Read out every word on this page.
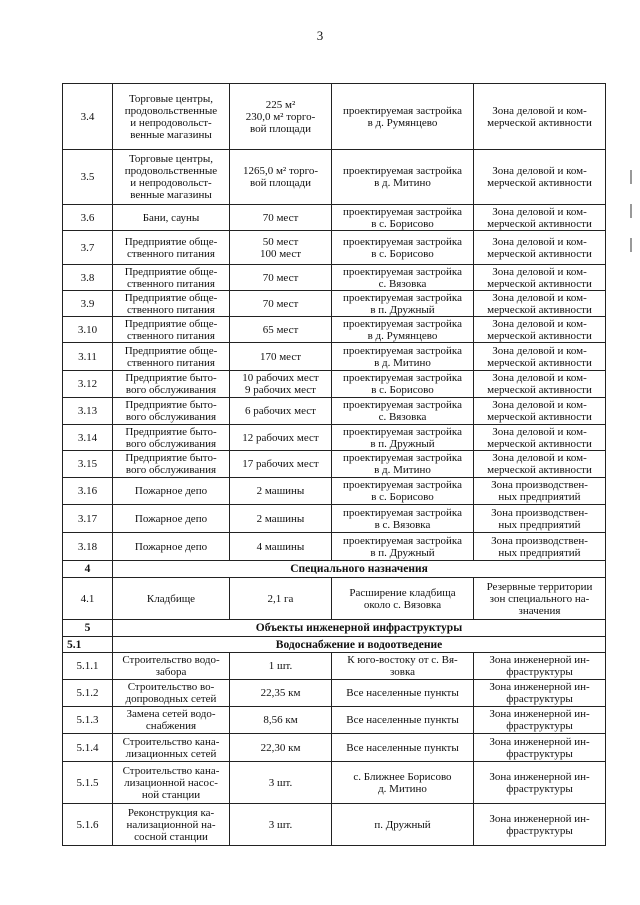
3
3.4	Торговые центры,
продовольственные
и непродовольст-
венные магазины	225 м²
230,0 м² торго-
вой площади	проектируемая застройка
в д. Румянцево	Зона деловой и ком-
мерческой активности

3.5	Торговые центры,
продовольственные
и непродовольст-
венные магазины	1265,0 м² торго-
вой площади	проектируемая застройка
в д. Митино	Зона деловой и ком-
мерческой активности

3.6	Бани, сауны	70 мест	проектируемая застройка
в с. Борисово	Зона деловой и ком-
мерческой активности

3.7	Предприятие обще-
ственного питания	50 мест
100 мест	проектируемая застройка
в с. Борисово	Зона деловой и ком-
мерческой активности

3.8	Предприятие обще-
ственного питания	70 мест	проектируемая застройка
с. Вязовка	Зона деловой и ком-
мерческой активности

3.9	Предприятие обще-
ственного питания	70 мест	проектируемая застройка
в п. Дружный	Зона деловой и ком-
мерческой активности

3.10	Предприятие обще-
ственного питания	65 мест	проектируемая застройка
в д. Румянцево	Зона деловой и ком-
мерческой активности

3.11	Предприятие обще-
ственного питания	170 мест	проектируемая застройка
в д. Митино	Зона деловой и ком-
мерческой активности

3.12	Предприятие быто-
вого обслуживания	10 рабочих мест
9 рабочих мест	проектируемая застройка
в с. Борисово	Зона деловой и ком-
мерческой активности

3.13	Предприятие быто-
вого обслуживания	6 рабочих мест	проектируемая застройка
с. Вязовка	Зона деловой и ком-
мерческой активности

3.14	Предприятие быто-
вого обслуживания	12 рабочих мест	проектируемая застройка
в п. Дружный	Зона деловой и ком-
мерческой активности

3.15	Предприятие быто-
вого обслуживания	17 рабочих мест	проектируемая застройка
в д. Митино	Зона деловой и ком-
мерческой активности

3.16	Пожарное депо	2 машины	проектируемая застройка
в с. Борисово	Зона производствен-
ных предприятий

3.17	Пожарное депо	2 машины	проектируемая застройка
в с. Вязовка	Зона производствен-
ных предприятий

3.18	Пожарное депо	4 машины	проектируемая застройка
в п. Дружный	Зона производствен-
ных предприятий

4	Специального назначения			
4.1	Кладбище	2,1 га	Расширение кладбища
около с. Вязовка	Резервные территории
зон специального на-
значения

5	Объекты инженерной инфраструктуры			
5.1	Водоснабжение и водоотведение			
5.1.1	Строительство водо-
забора	1 шт.	К юго-востоку от с. Вя-
зовка	Зона инженерной ин-
фраструктуры

5.1.2	Строительство во-
допроводных сетей	22,35 км	Все населенные пункты	Зона инженерной ин-
фраструктуры

5.1.3	Замена сетей водо-
снабжения	8,56 км	Все населенные пункты	Зона инженерной ин-
фраструктуры

5.1.4	Строительство кана-
лизационных сетей	22,30 км	Все населенные пункты	Зона инженерной ин-
фраструктуры

5.1.5	Строительство кана-
лизационной насос-
ной станции	3 шт.	с. Ближнее Борисово
д. Митино	Зона инженерной ин-
фраструктуры

5.1.6	Реконструкция ка-
нализационной на-
сосной станции	3 шт.	п. Дружный	Зона инженерной ин-
фраструктуры
